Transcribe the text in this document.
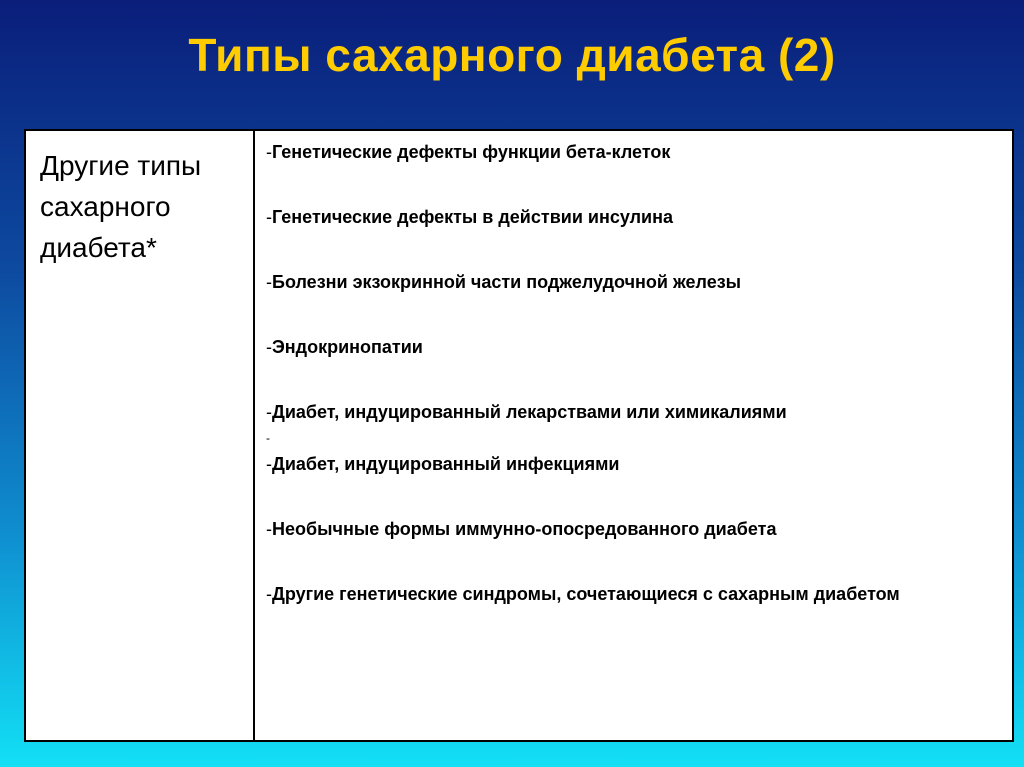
Типы сахарного диабета (2)
Другие типы сахарного диабета*
-Генетические дефекты функции бета-клеток
-Генетические дефекты в действии инсулина
-Болезни экзокринной части поджелудочной железы
-Эндокринопатии
-Диабет, индуцированный лекарствами или химикалиями
-
-Диабет, индуцированный инфекциями
-Необычные формы иммунно-опосредованного диабета
-Другие генетические синдромы, сочетающиеся с сахарным диабетом
